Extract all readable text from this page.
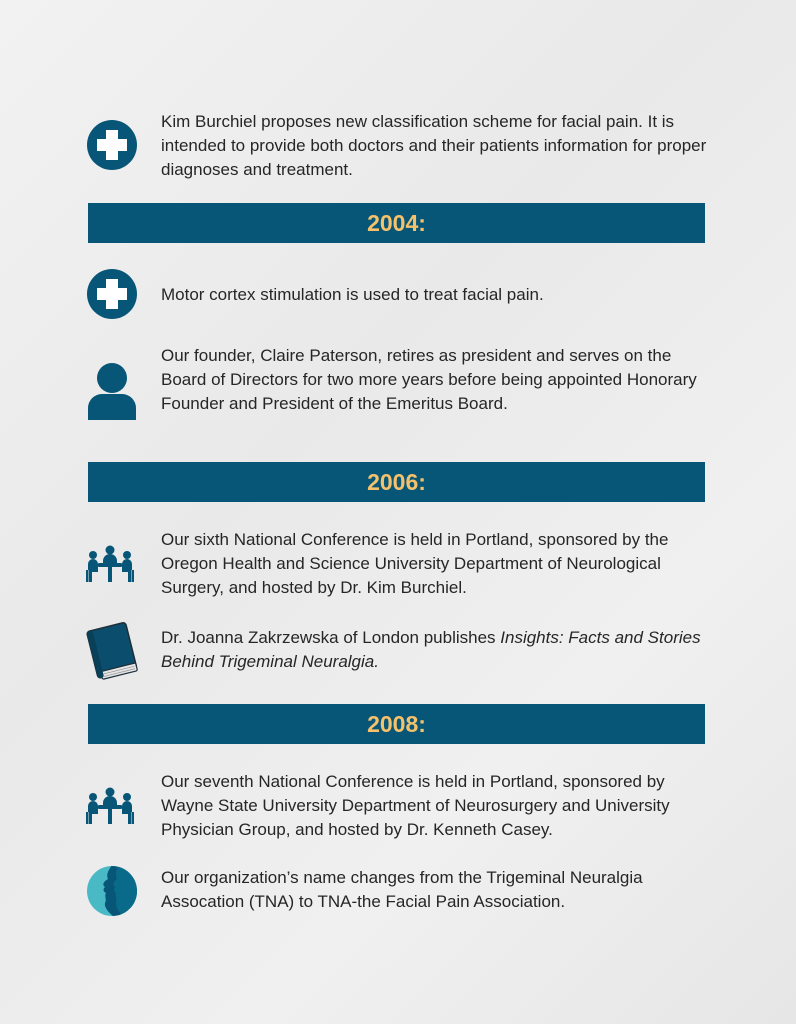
Kim Burchiel proposes new classification scheme for facial pain. It is intended to provide both doctors and their patients information for proper diagnoses and treatment.
2004:
Motor cortex stimulation is used to treat facial pain.
Our founder, Claire Paterson, retires as president and serves on the Board of Directors for two more years before being appointed Honorary Founder and President of the Emeritus Board.
2006:
Our sixth National Conference is held in Portland, sponsored by the Oregon Health and Science University Department of Neurological Surgery, and hosted by Dr. Kim Burchiel.
Dr. Joanna Zakrzewska of London publishes Insights: Facts and Stories Behind Trigeminal Neuralgia.
2008:
Our seventh National Conference is held in Portland, sponsored by Wayne State University Department of Neurosurgery and University Physician Group, and hosted by Dr. Kenneth Casey.
Our organization’s name changes from the Trigeminal Neuralgia Assocation (TNA) to TNA-the Facial Pain Association.
